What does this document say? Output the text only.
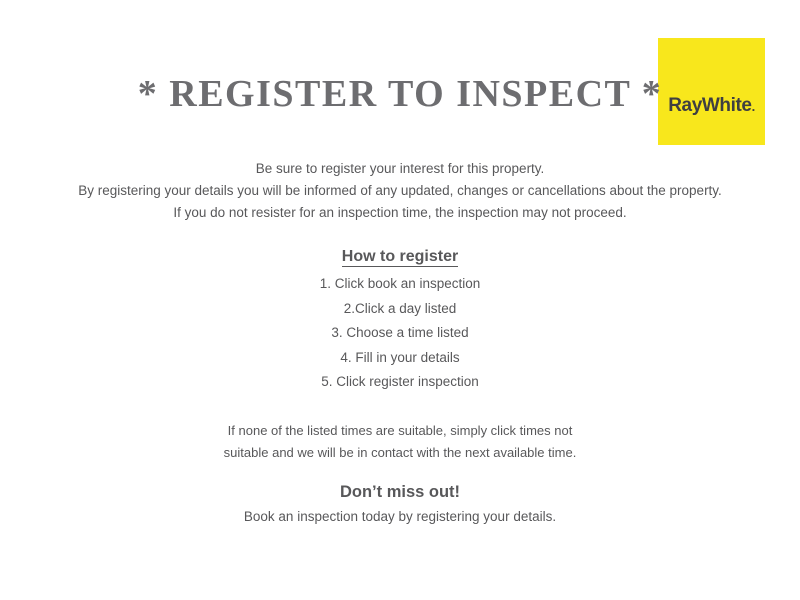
RayWhite.
* REGISTER TO INSPECT *
Be sure to register your interest for this property.
By registering your details you will be informed of any updated, changes or cancellations about the property.
If you do not resister for an inspection time, the inspection may not proceed.
How to register
1. Click book an inspection
2.Click a day listed
3. Choose a time listed
4. Fill in your details
5. Click register inspection
If none of the listed times are suitable, simply click times not
suitable and we will be in contact with the next available time.
Don’t miss out!
Book an inspection today by registering your details.
